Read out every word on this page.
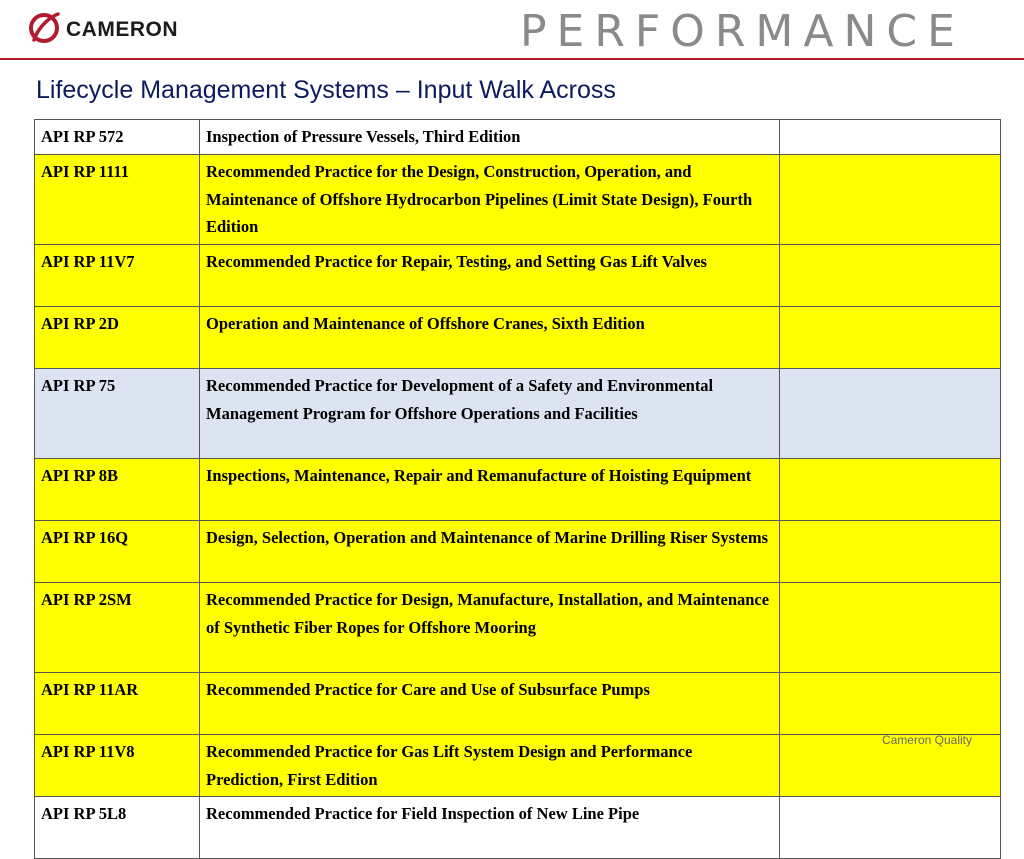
CAMERON	PERFORMANCE
Lifecycle Management Systems – Input Walk Across
API RP 572	Inspection of Pressure Vessels, Third Edition	
API RP 1111	Recommended Practice for the Design, Construction, Operation, and Maintenance of Offshore Hydrocarbon Pipelines (Limit State Design), Fourth Edition	
API RP 11V7	Recommended Practice for Repair, Testing, and Setting Gas Lift Valves	
API RP 2D	Operation and Maintenance of Offshore Cranes, Sixth Edition	
API RP 75	Recommended Practice for Development of a Safety and Environmental Management Program for Offshore Operations and Facilities	
API RP 8B	Inspections, Maintenance, Repair and Remanufacture of Hoisting Equipment	
API RP 16Q	Design, Selection, Operation and Maintenance of Marine Drilling Riser Systems	
API RP 2SM	Recommended Practice for Design, Manufacture, Installation, and Maintenance of Synthetic Fiber Ropes for Offshore Mooring	
API RP 11AR	Recommended Practice for Care and Use of Subsurface Pumps	
API RP 11V8	Recommended Practice for Gas Lift System Design and Performance Prediction, First Edition	
API RP 5L8	Recommended Practice for Field Inspection of New Line Pipe	
Cameron Quality
